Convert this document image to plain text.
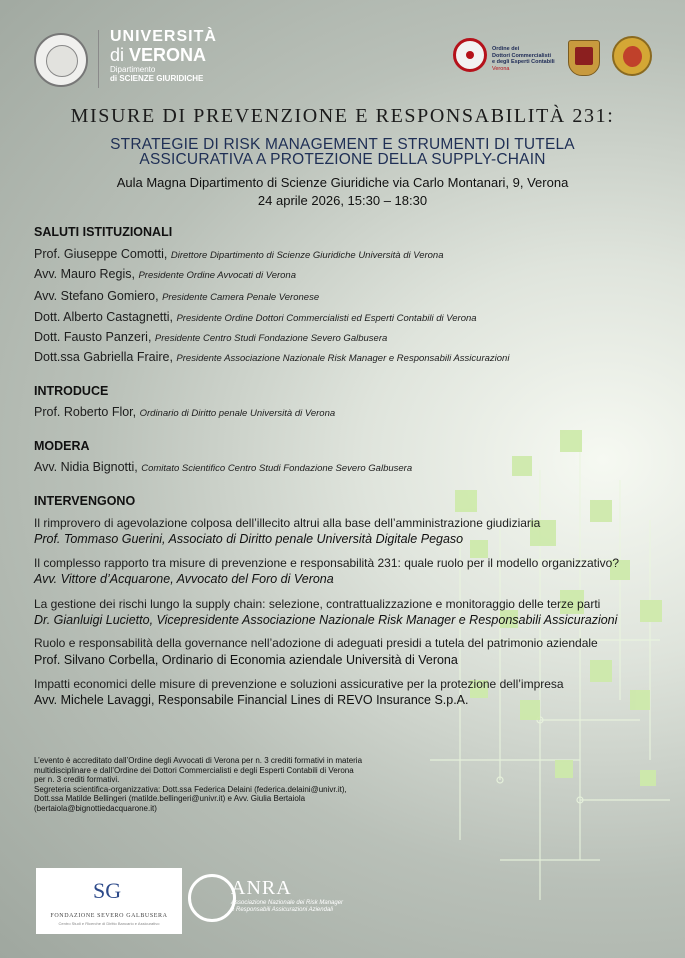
UNIVERSITÀ
di VERONA
Dipartimento
di SCIENZE GIURIDICHE
Ordine dei
Dottori Commercialisti
e degli Esperti Contabili
Verona
MISURE DI PREVENZIONE E RESPONSABILITÀ 231:
STRATEGIE DI RISK MANAGEMENT E STRUMENTI DI TUTELA
ASSICURATIVA A PROTEZIONE DELLA SUPPLY-CHAIN
Aula Magna Dipartimento di Scienze Giuridiche via Carlo Montanari, 9, Verona
24 aprile 2026, 15:30 – 18:30
SALUTI ISTITUZIONALI
Prof. Giuseppe Comotti, Direttore Dipartimento di Scienze Giuridiche Università di Verona
Avv. Mauro Regis, Presidente Ordine Avvocati di Verona
Avv. Stefano Gomiero, Presidente Camera Penale Veronese
Dott. Alberto Castagnetti, Presidente Ordine Dottori Commercialisti ed Esperti Contabili di Verona
Dott. Fausto Panzeri, Presidente Centro Studi Fondazione Severo Galbusera
Dott.ssa Gabriella Fraire, Presidente Associazione Nazionale Risk Manager e Responsabili Assicurazioni
INTRODUCE
Prof. Roberto Flor, Ordinario di Diritto penale Università di Verona
MODERA
Avv. Nidia Bignotti, Comitato Scientifico Centro Studi Fondazione Severo Galbusera
INTERVENGONO
Il rimprovero di agevolazione colposa dell’illecito altrui alla base dell’amministrazione giudiziaria
Prof. Tommaso Guerini, Associato di Diritto penale Università Digitale Pegaso
Il complesso rapporto tra misure di prevenzione e responsabilità 231: quale ruolo per il modello organizzativo?
Avv. Vittore d’Acquarone, Avvocato del Foro di Verona
La gestione dei rischi lungo la supply chain: selezione, contrattualizzazione e monitoraggio delle terze parti
Dr. Gianluigi Lucietto, Vicepresidente Associazione Nazionale Risk Manager e Responsabili Assicurazioni
Ruolo e responsabilità della governance nell’adozione di adeguati presidi a tutela del patrimonio aziendale
Prof. Silvano Corbella, Ordinario di Economia aziendale Università di Verona
Impatti economici delle misure di prevenzione e soluzioni assicurative per la protezione dell’impresa
Avv. Michele Lavaggi, Responsabile Financial Lines di REVO Insurance S.p.A.
L’evento è accreditato dall’Ordine degli Avvocati di Verona per n. 3 crediti formativi in materia
multidisciplinare e dall’Ordine dei Dottori Commercialisti e degli Esperti Contabili di Verona
per n. 3 crediti formativi.
Segreteria scientifica-organizzativa: Dott.ssa Federica Delaini (federica.delaini@univr.it),
Dott.ssa Matilde Bellingeri (matilde.bellingeri@univr.it) e Avv. Giulia Bertaiola
(bertaiola@bignottiedacquarone.it)
SG
FONDAZIONE SEVERO GALBUSERA
Centro Studi e Ricerche di Diritto Bancario e Assicurativo
ANRA
Associazione Nazionale dei Risk Manager
e Responsabili Assicurazioni Aziendali
